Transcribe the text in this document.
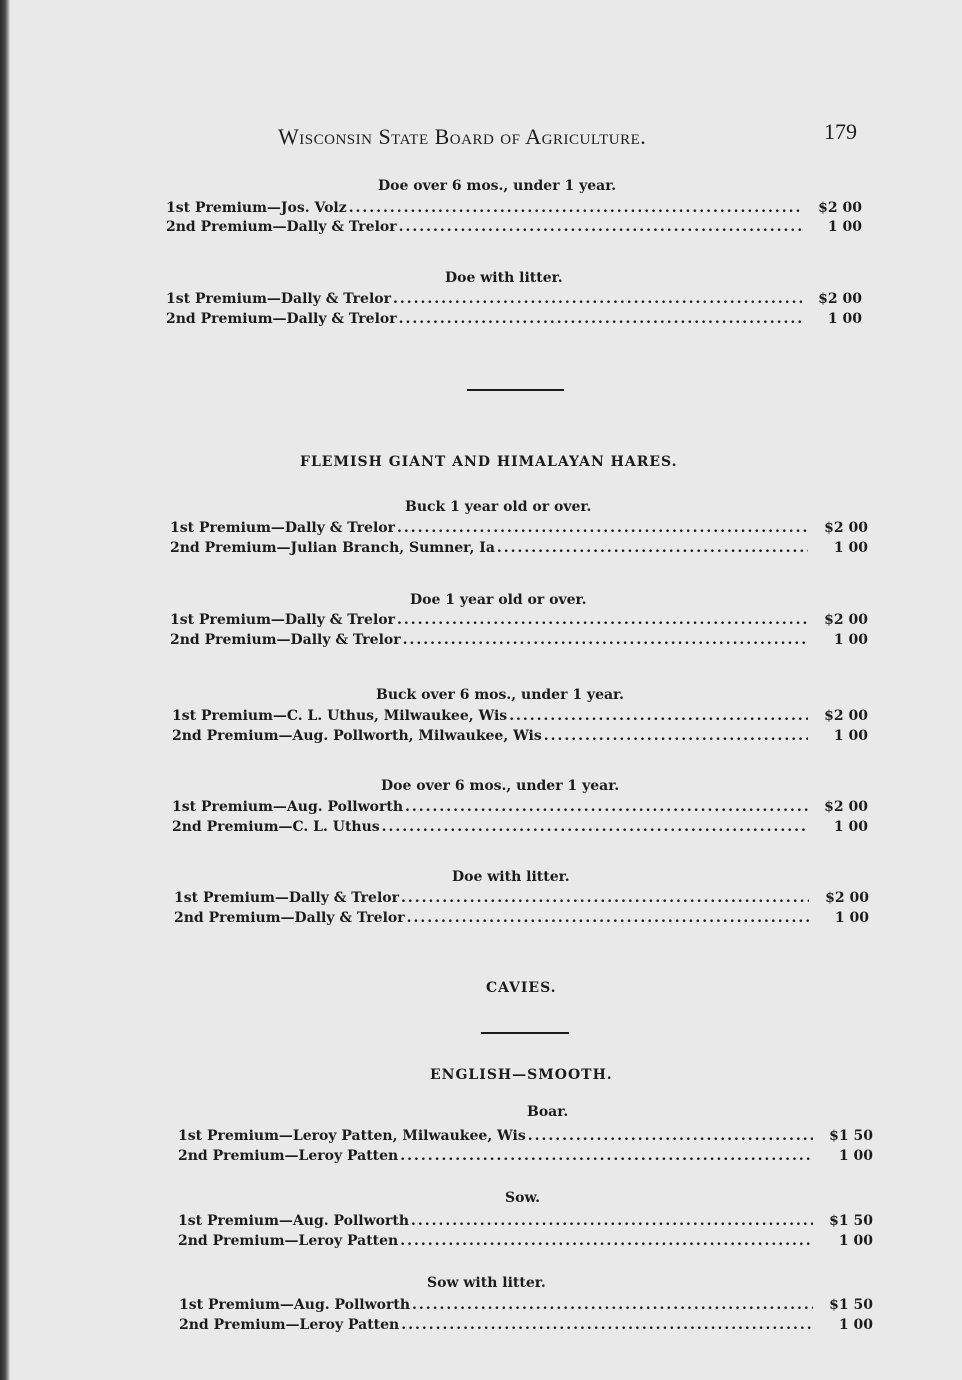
Wisconsin State Board of Agriculture.	179
Doe over 6 mos., under 1 year.
1st Premium—Jos. Volz .....	$2 00
2nd Premium—Dally & Trelor .....	1 00
Doe with litter.
1st Premium—Dally & Trelor .....	$2 00
2nd Premium—Dally & Trelor .....	1 00
FLEMISH GIANT AND HIMALAYAN HARES.
Buck 1 year old or over.
1st Premium—Dally & Trelor .....	$2 00
2nd Premium—Julian Branch, Sumner, Ia .....	1 00
Doe 1 year old or over.
1st Premium—Dally & Trelor .....	$2 00
2nd Premium—Dally & Trelor .....	1 00
Buck over 6 mos., under 1 year.
1st Premium—C. L. Uthus, Milwaukee, Wis .....	$2 00
2nd Premium—Aug. Pollworth, Milwaukee, Wis .....	1 00
Doe over 6 mos., under 1 year.
1st Premium—Aug. Pollworth .....	$2 00
2nd Premium—C. L. Uthus .....	1 00
Doe with litter.
1st Premium—Dally & Trelor .....	$2 00
2nd Premium—Dally & Trelor .....	1 00
CAVIES.
ENGLISH—SMOOTH.
Boar.
1st Premium—Leroy Patten, Milwaukee, Wis .....	$1 50
2nd Premium—Leroy Patten .....	1 00
Sow.
1st Premium—Aug. Pollworth .....	$1 50
2nd Premium—Leroy Patten .....	1 00
Sow with litter.
1st Premium—Aug. Pollworth .....	$1 50
2nd Premium—Leroy Patten .....	1 00
